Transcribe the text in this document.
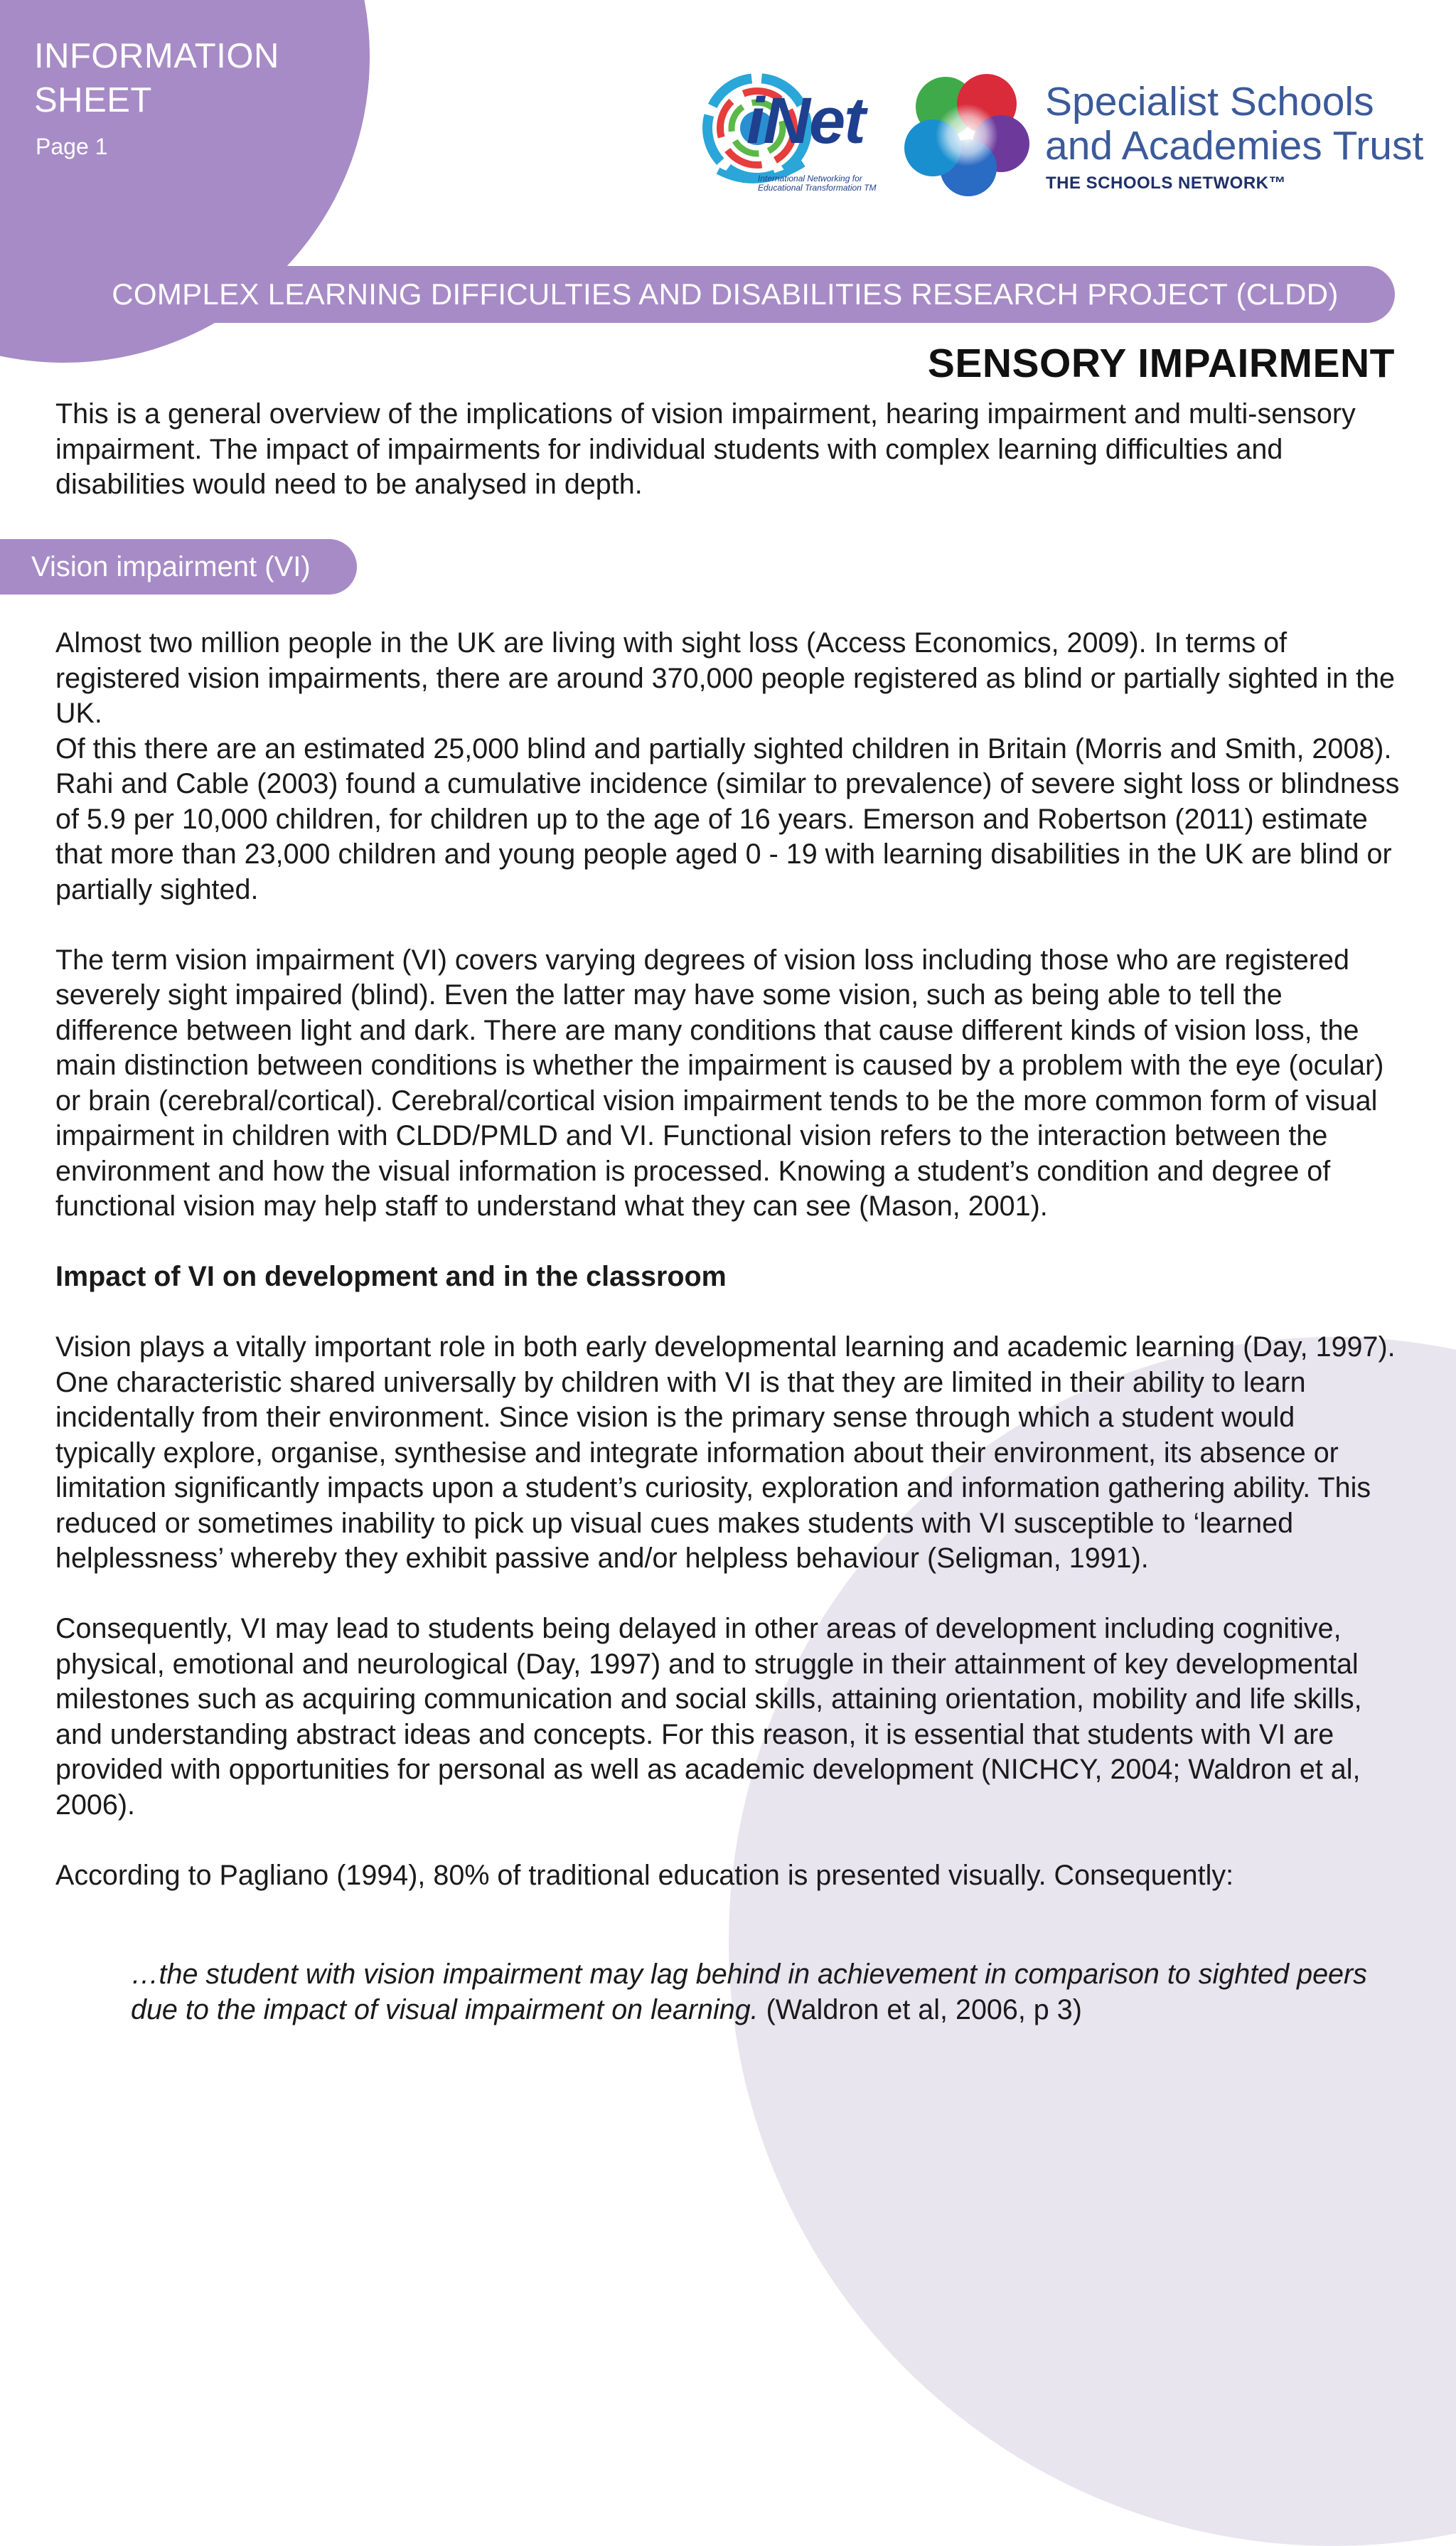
INFORMATION
SHEET
Page 1	iNet
International Networking for
Educational Transformation TM
Specialist Schools
and Academies Trust
THE SCHOOLS NETWORK™
COMPLEX LEARNING DIFFICULTIES AND DISABILITIES RESEARCH PROJECT (CLDD)
SENSORY IMPAIRMENT

This is a general overview of the implications of vision impairment, hearing impairment and multi-sensory impairment. The impact of impairments for individual students with complex learning difficulties and disabilities would need to be analysed in depth.

Vision impairment (VI)

Almost two million people in the UK are living with sight loss (Access Economics, 2009). In terms of registered vision impairments, there are around 370,000 people registered as blind or partially sighted in the UK.

Of this there are an estimated 25,000 blind and partially sighted children in Britain (Morris and Smith, 2008). Rahi and Cable (2003) found a cumulative incidence (similar to prevalence) of severe sight loss or blindness of 5.9 per 10,000 children, for children up to the age of 16 years. Emerson and Robertson (2011) estimate that more than 23,000 children and young people aged 0 - 19 with learning disabilities in the UK are blind or partially sighted.

The term vision impairment (VI) covers varying degrees of vision loss including those who are registered severely sight impaired (blind). Even the latter may have some vision, such as being able to tell the difference between light and dark. There are many conditions that cause different kinds of vision loss, the main distinction between conditions is whether the impairment is caused by a problem with the eye (ocular) or brain (cerebral/cortical). Cerebral/cortical vision impairment tends to be the more common form of visual impairment in children with CLDD/PMLD and VI. Functional vision refers to the interaction between the environment and how the visual information is processed. Knowing a student’s condition and degree of functional vision may help staff to understand what they can see (Mason, 2001).

Impact of VI on development and in the classroom

Vision plays a vitally important role in both early developmental learning and academic learning (Day, 1997). One characteristic shared universally by children with VI is that they are limited in their ability to learn incidentally from their environment. Since vision is the primary sense through which a student would typically explore, organise, synthesise and integrate information about their environment, its absence or limitation significantly impacts upon a student’s curiosity, exploration and information gathering ability. This reduced or sometimes inability to pick up visual cues makes students with VI susceptible to ‘learned helplessness’ whereby they exhibit passive and/or helpless behaviour (Seligman, 1991).

Consequently, VI may lead to students being delayed in other areas of development including cognitive, physical, emotional and neurological (Day, 1997) and to struggle in their attainment of key developmental milestones such as acquiring communication and social skills, attaining orientation, mobility and life skills, and understanding abstract ideas and concepts. For this reason, it is essential that students with VI are provided with opportunities for personal as well as academic development (NICHCY, 2004; Waldron et al, 2006).

According to Pagliano (1994), 80% of traditional education is presented visually. Consequently:

…the student with vision impairment may lag behind in achievement in comparison to sighted peers due to the impact of visual impairment on learning. (Waldron et al, 2006, p 3)
